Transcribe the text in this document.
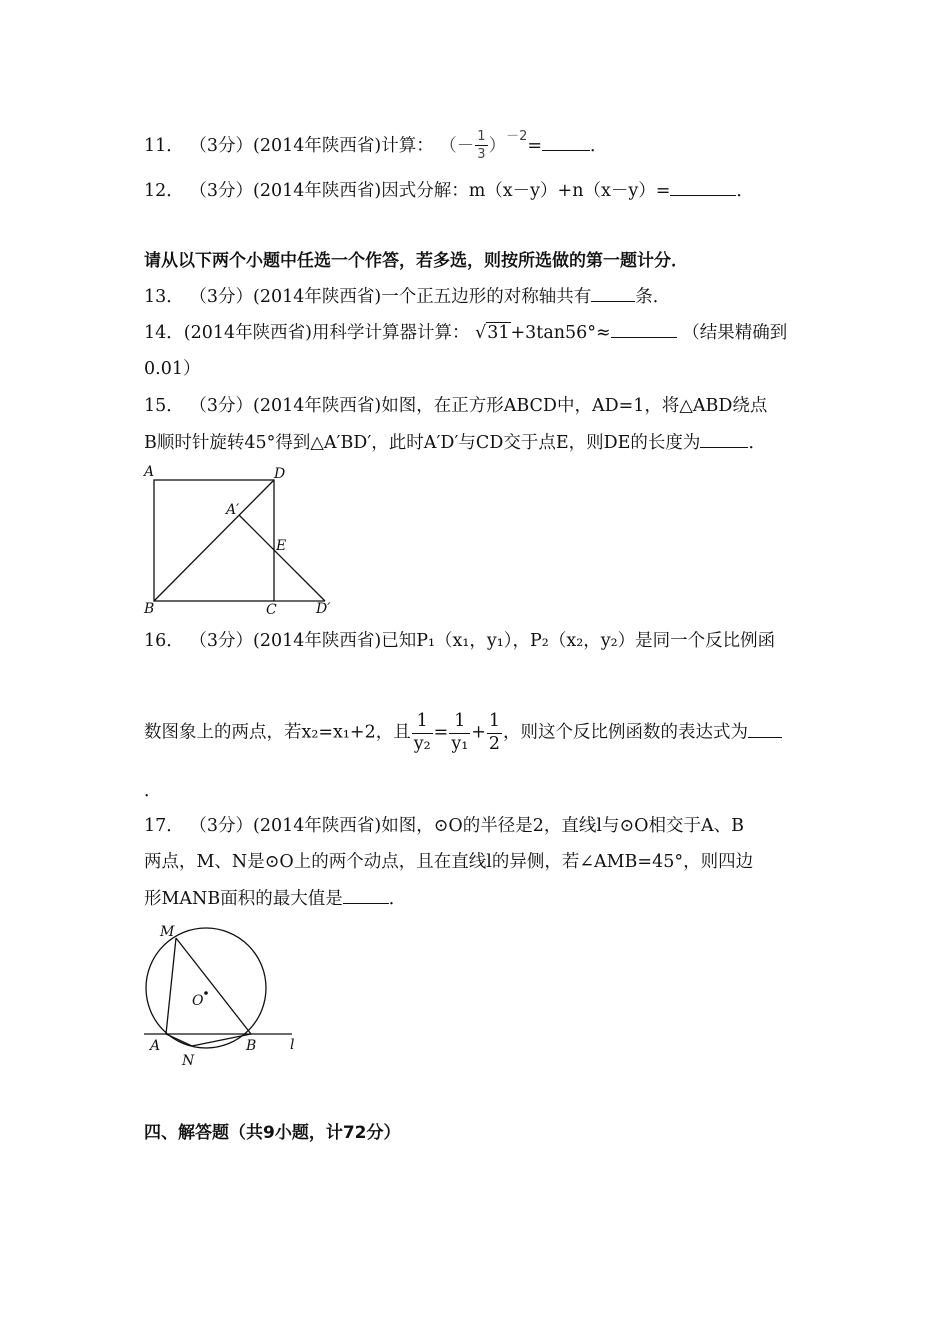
11． （3分）(2014年陕西省)计算： （－ $\frac{1}{3} )^{-2}=$	．
12． （3分）(2014年陕西省)因式分解：m（x－y）+n（x－y）=	．
请从以下两个小题中任选一个作答，若多选，则按所选做的第一题计分．
13． （3分）(2014年陕西省)一个正五边形的对称轴共有	条．
14．(2014年陕西省)用科学计算器计算： √31+3tan56°≈	（结果精确到
0.01）
15． （3分）(2014年陕西省)如图，在正方形ABCD中，AD=1，将△ABD绕点
B顺时针旋转45°得到△A′BD′，此时A′D′与CD交于点E，则DE的长度为	．
A	D
A′
E
B	C	D′
16． （3分）(2014年陕西省)已知P₁（x₁，y₁），P₂（x₂，y₂）是同一个反比例函
数图象上的两点，若x₂=x₁+2，且 $\frac{1}{\text{y₂}} = \frac{1}{\text{y₁}} + \frac{1}{2}$ ，则这个反比例函数的表达式为
．
17． （3分）(2014年陕西省)如图，⊙O的半径是2，直线l与⊙O相交于A、B
两点，M、N是⊙O上的两个动点，且在直线l的异侧，若∠AMB=45°，则四边
形MANB面积的最大值是	．
M
O
A	B
N
l
四、解答题（共9小题，计72分）
